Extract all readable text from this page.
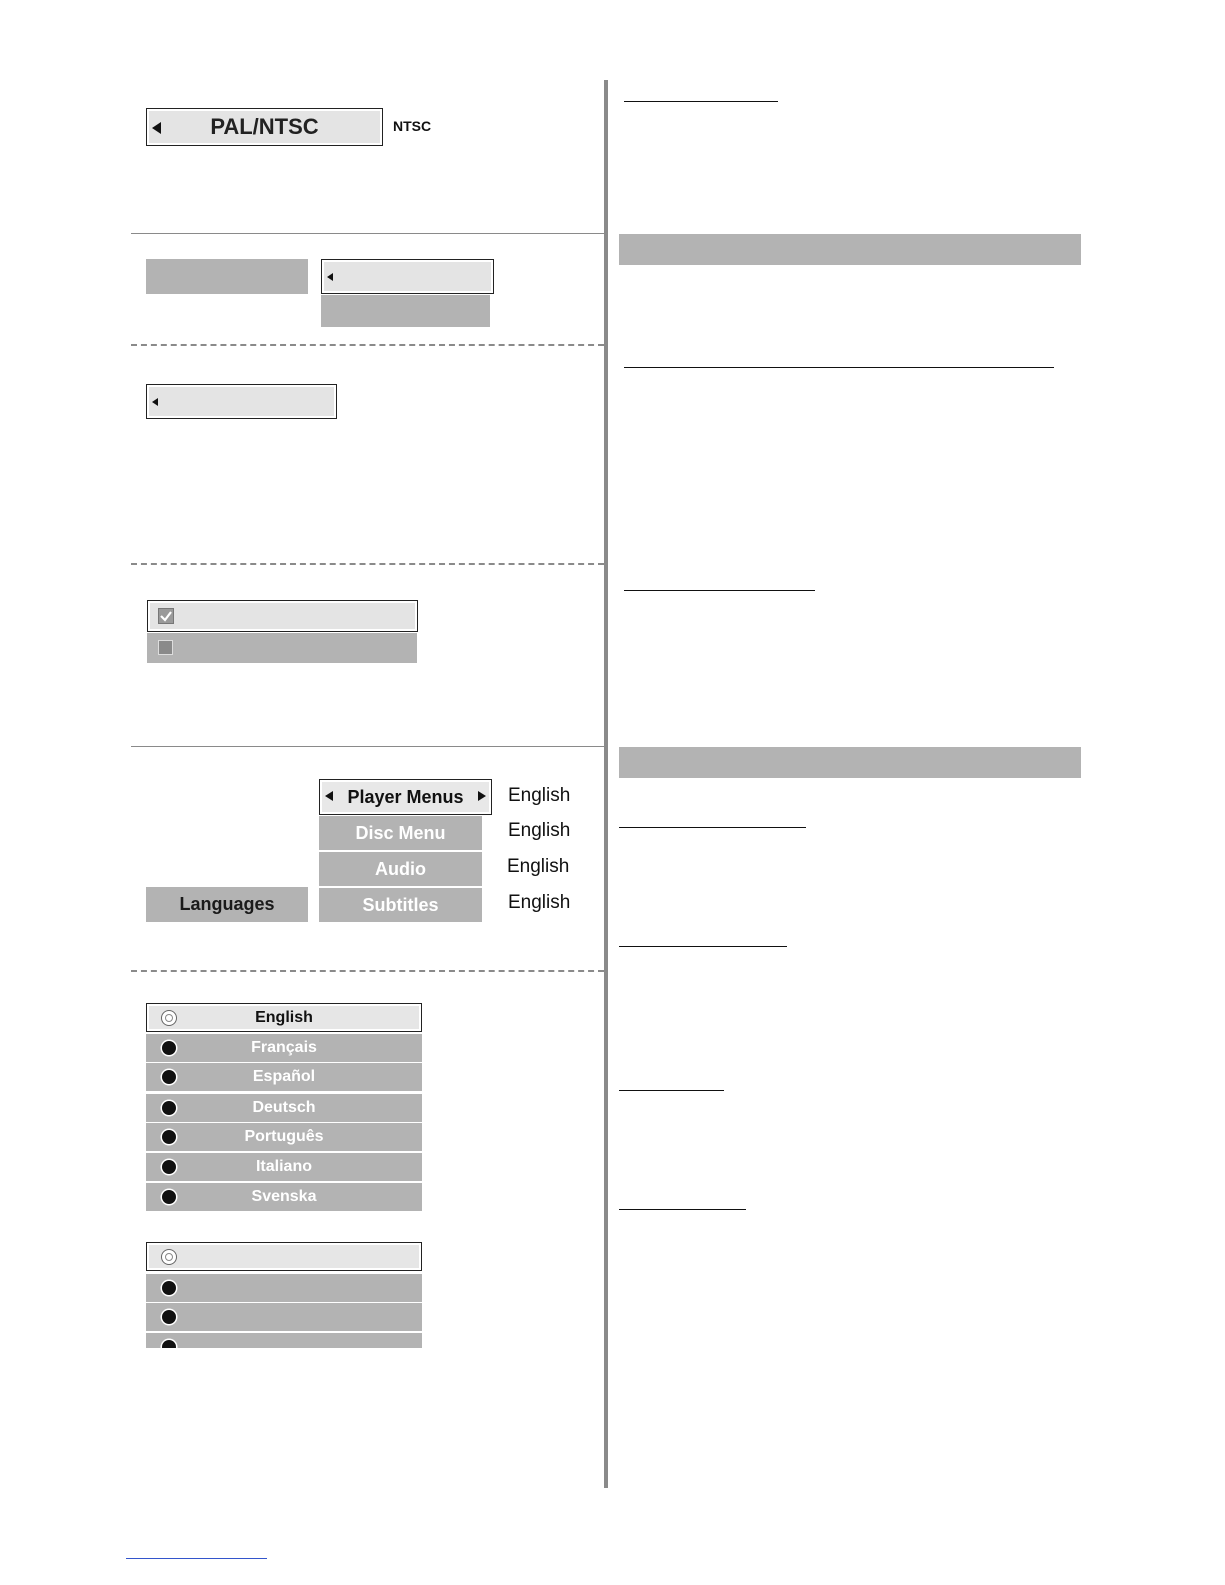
PAL/NTSC	NTSC
Player Menus	English
Disc Menu	English
Audio	English
Languages	Subtitles	English
English
Français
Español
Deutsch
Português
Italiano
Svenska
